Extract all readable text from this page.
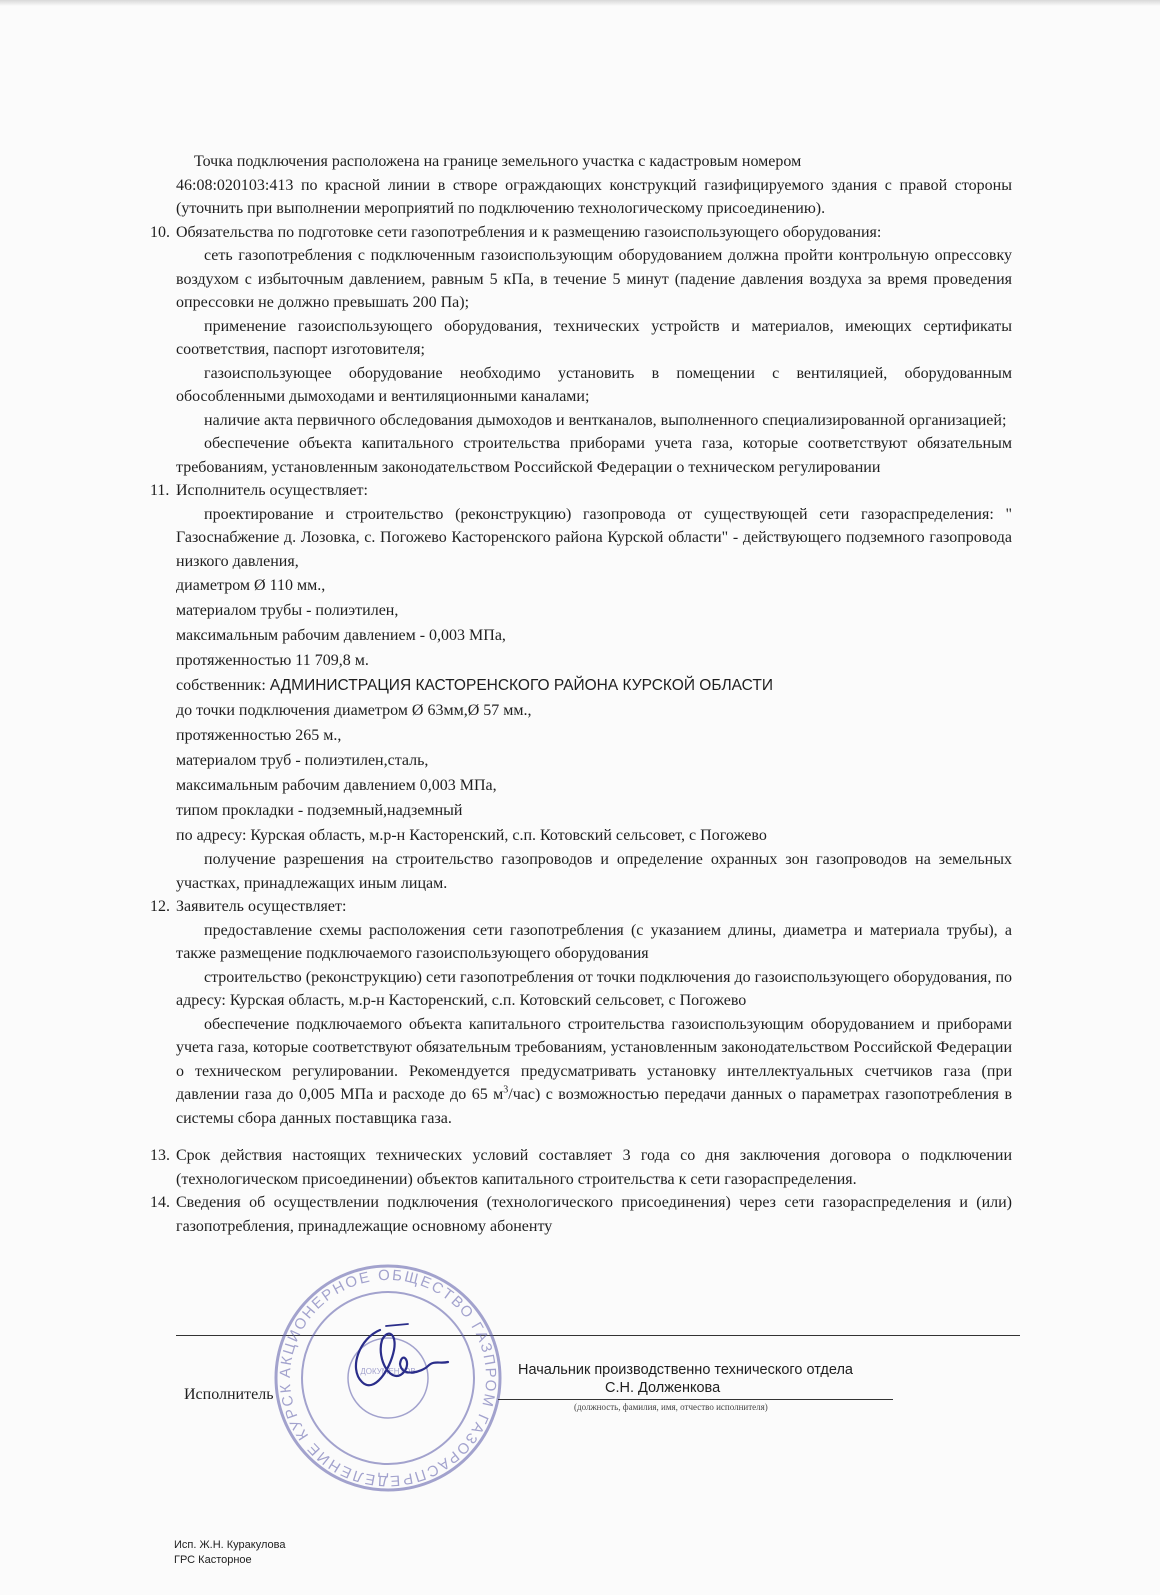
Точка подключения расположена на границе земельного участка с кадастровым номером

46:08:020103:413 по красной линии в створе ограждающих конструкций газифицируемого здания с правой стороны (уточнить при выполнении мероприятий по подключению технологическому присоединению).

10. Обязательства по подготовке сети газопотребления и к размещению газоиспользующего оборудования:

сеть газопотребления с подключенным газоиспользующим оборудованием должна пройти контрольную опрессовку воздухом с избыточным давлением, равным 5 кПа, в течение 5 минут (падение давления воздуха за время проведения опрессовки не должно превышать 200 Па);

применение газоиспользующего оборудования, технических устройств и материалов, имеющих сертификаты соответствия, паспорт изготовителя;

газоиспользующее оборудование необходимо установить в помещении с вентиляцией, оборудованным обособленными дымоходами и вентиляционными каналами;

наличие акта первичного обследования дымоходов и вентканалов, выполненного специализированной организацией;

обеспечение объекта капитального строительства приборами учета газа, которые соответствуют обязательным требованиям, установленным законодательством Российской Федерации о техническом регулировании

11. Исполнитель осуществляет:

проектирование и строительство (реконструкцию) газопровода от существующей сети газораспределения: " Газоснабжение д. Лозовка, с. Погожево Касторенского района Курской области" - действующего подземного газопровода низкого давления,

диаметром Ø 110 мм.,

материалом трубы - полиэтилен,

максимальным рабочим давлением - 0,003 МПа,

протяженностью 11 709,8 м.

собственник: АДМИНИСТРАЦИЯ КАСТОРЕНСКОГО РАЙОНА КУРСКОЙ ОБЛАСТИ

до точки подключения диаметром Ø 63мм,Ø 57 мм.,

протяженностью 265 м.,

материалом труб - полиэтилен,сталь,

максимальным рабочим давлением 0,003 МПа,

типом прокладки - подземный,надземный

по адресу: Курская область, м.р-н Касторенский, с.п. Котовский сельсовет, с Погожево

получение разрешения на строительство газопроводов и определение охранных зон газопроводов на земельных участках, принадлежащих иным лицам.

12. Заявитель осуществляет:

предоставление схемы расположения сети газопотребления (с указанием длины, диаметра и материала трубы), а также размещение подключаемого газоиспользующего оборудования

строительство (реконструкцию) сети газопотребления от точки подключения до газоиспользующего оборудования, по адресу: Курская область, м.р-н Касторенский, с.п. Котовский сельсовет, с Погожево

обеспечение подключаемого объекта капитального строительства газоиспользующим оборудованием и приборами учета газа, которые соответствуют обязательным требованиям, установленным законодательством Российской Федерации о техническом регулировании. Рекомендуется предусматривать установку интеллектуальных счетчиков газа (при давлении газа до 0,005 МПа и расходе до 65 $м^3/час$) с возможностью передачи данных о параметрах газопотребления в системы сбора данных поставщика газа.

13. Срок действия настоящих технических условий составляет 3 года со дня заключения договора о подключении (технологическом присоединении) объектов капитального строительства к сети газораспределения.

14. Сведения об осуществлении подключения (технологического присоединения) через сети газораспределения и (или) газопотребления, принадлежащие основному абоненту

АКЦИОНЕРНОЕ ОБЩЕСТВО ГАЗПРОМ ГАЗОРАСПРЕДЕЛЕНИЕ КУРСК
ДОКУМЕНТОВ
Исполнитель
Начальник производственно технического отдела
С.Н. Долженкова
(должность, фамилия, имя, отчество исполнителя)
Исп. Ж.Н. Куракулова
ГРС Касторное
